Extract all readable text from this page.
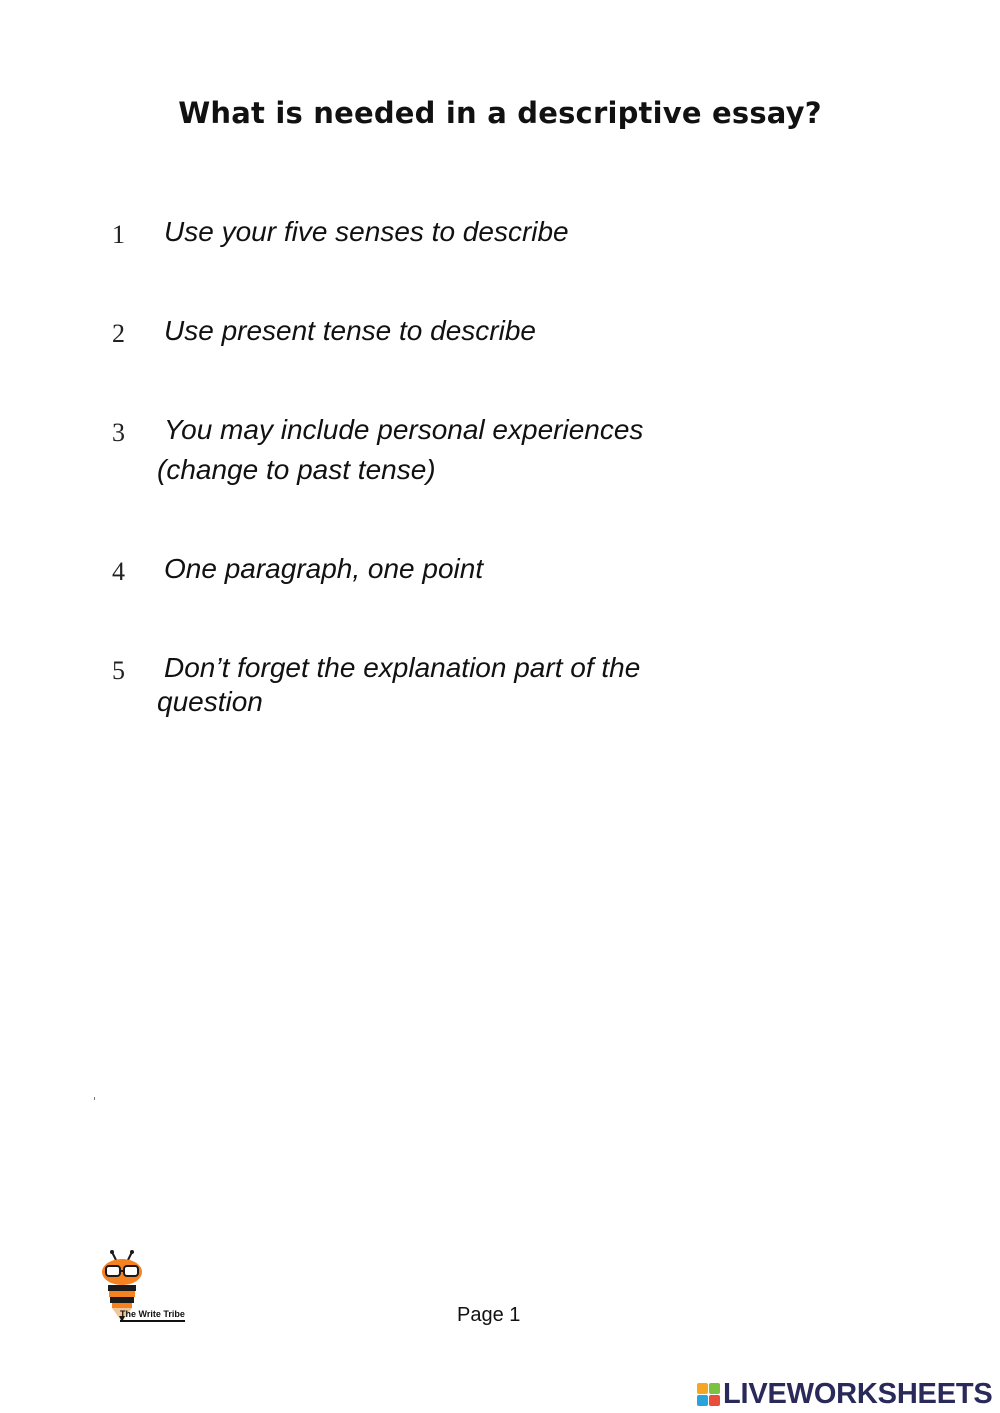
What is needed in a descriptive essay?
1 Use your five senses to describe
2 Use present tense to describe
3 You may include personal experiences
(change to past tense)
4 One paragraph, one point
5 Don’t forget the explanation part of the
question
The Write Tribe	Page 1
LIVEWORKSHEETS
